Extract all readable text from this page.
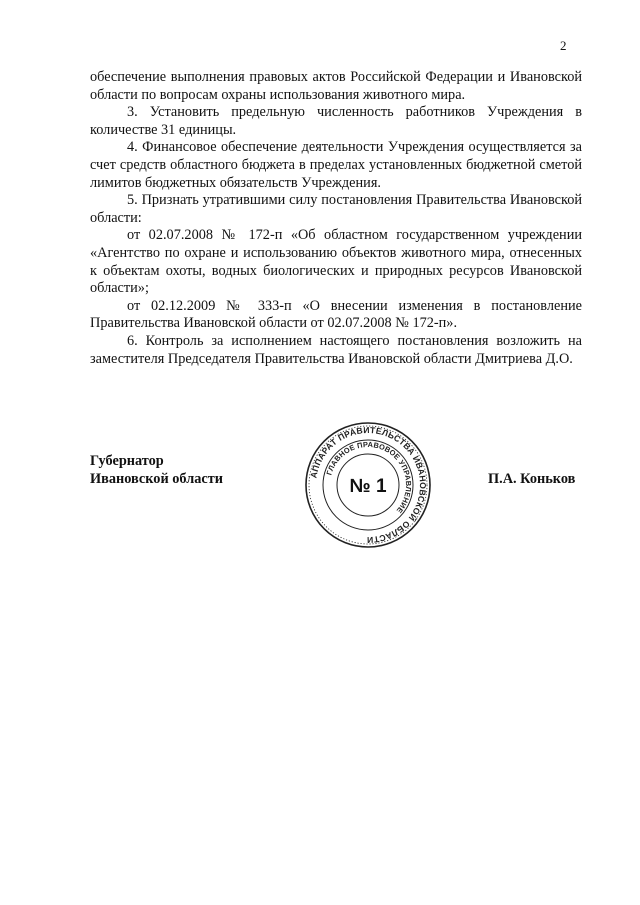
2

обеспечение выполнения правовых актов Российской Федерации и Ивановской области по вопросам охраны использования животного мира.

3. Установить предельную численность работников Учреждения в количестве 31 единицы.

4. Финансовое обеспечение деятельности Учреждения осуществляется за счет средств областного бюджета в пределах установленных бюджетной сметой лимитов бюджетных обязательств Учреждения.

5. Признать утратившими силу постановления Правительства Ивановской области:

от 02.07.2008 № 172-п «Об областном государственном учреждении «Агентство по охране и использованию объектов животного мира, отнесенных к объектам охоты, водных биологических и природных ресурсов Ивановской области»;

от 02.12.2009 № 333-п «О внесении изменения в постановление Правительства Ивановской области от 02.07.2008 № 172-п».

6. Контроль за исполнением настоящего постановления возложить на заместителя Председателя Правительства Ивановской области Дмитриева Д.О.

Губернатор
Ивановской области	АППАРАТ ПРАВИТЕЛЬСТВА ИВАНОВСКОЙ ОБЛАСТИ
ГЛАВНОЕ ПРАВОВОЕ УПРАВЛЕНИЕ
№ 1	П.А. Коньков
